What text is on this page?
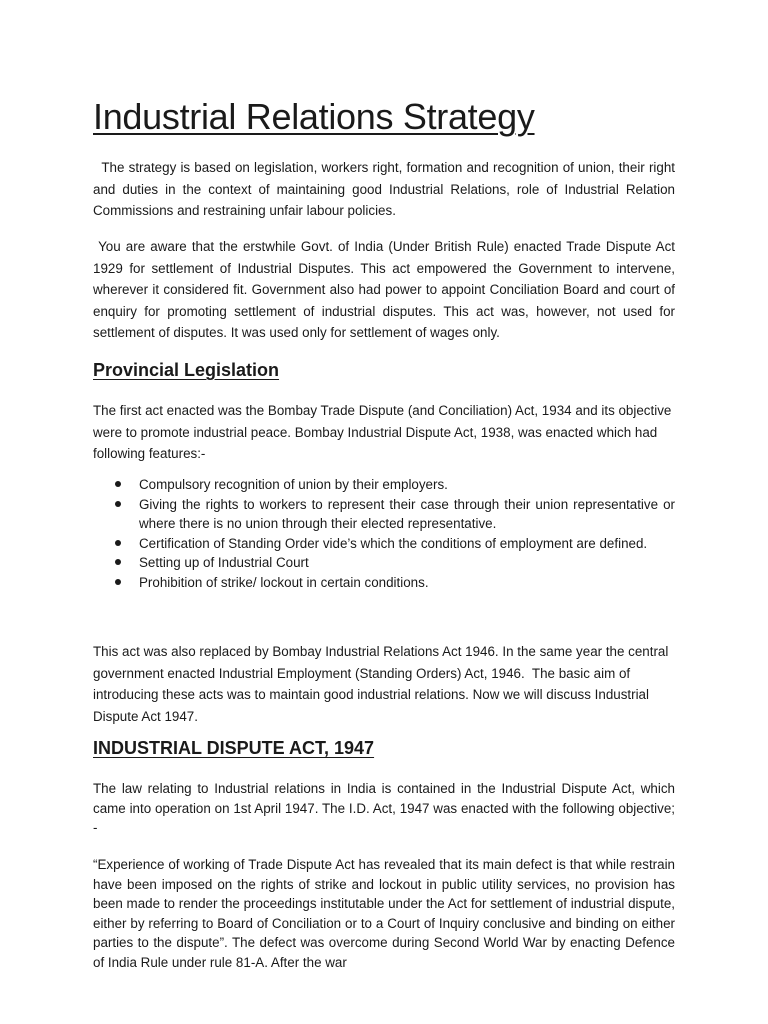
Industrial Relations Strategy

The strategy is based on legislation, workers right, formation and recognition of union, their right and duties in the context of maintaining good Industrial Relations, role of Industrial Relation Commissions and restraining unfair labour policies.

You are aware that the erstwhile Govt. of India (Under British Rule) enacted Trade Dispute Act 1929 for settlement of Industrial Disputes. This act empowered the Government to intervene, wherever it considered fit. Government also had power to appoint Conciliation Board and court of enquiry for promoting settlement of industrial disputes. This act was, however, not used for settlement of disputes. It was used only for settlement of wages only.

Provincial Legislation

The first act enacted was the Bombay Trade Dispute (and Conciliation) Act, 1934 and its objective were to promote industrial peace. Bombay Industrial Dispute Act, 1938, was enacted which had following features:-

Compulsory recognition of union by their employers.
Giving the rights to workers to represent their case through their union representative or where there is no union through their elected representative.
Certification of Standing Order vide’s which the conditions of employment are defined.
Setting up of Industrial Court
Prohibition of strike/ lockout in certain conditions.

This act was also replaced by Bombay Industrial Relations Act 1946. In the same year the central government enacted Industrial Employment (Standing Orders) Act, 1946.  The basic aim of introducing these acts was to maintain good industrial relations. Now we will discuss Industrial Dispute Act 1947.

INDUSTRIAL DISPUTE ACT, 1947

The law relating to Industrial relations in India is contained in the Industrial Dispute Act, which came into operation on 1st April 1947. The I.D. Act, 1947 was enacted with the following objective; -

“Experience of working of Trade Dispute Act has revealed that its main defect is that while restrain have been imposed on the rights of strike and lockout in public utility services, no provision has been made to render the proceedings institutable under the Act for settlement of industrial dispute, either by referring to Board of Conciliation or to a Court of Inquiry conclusive and binding on either parties to the dispute”. The defect was overcome during Second World War by enacting Defence of India Rule under rule 81-A. After the war
